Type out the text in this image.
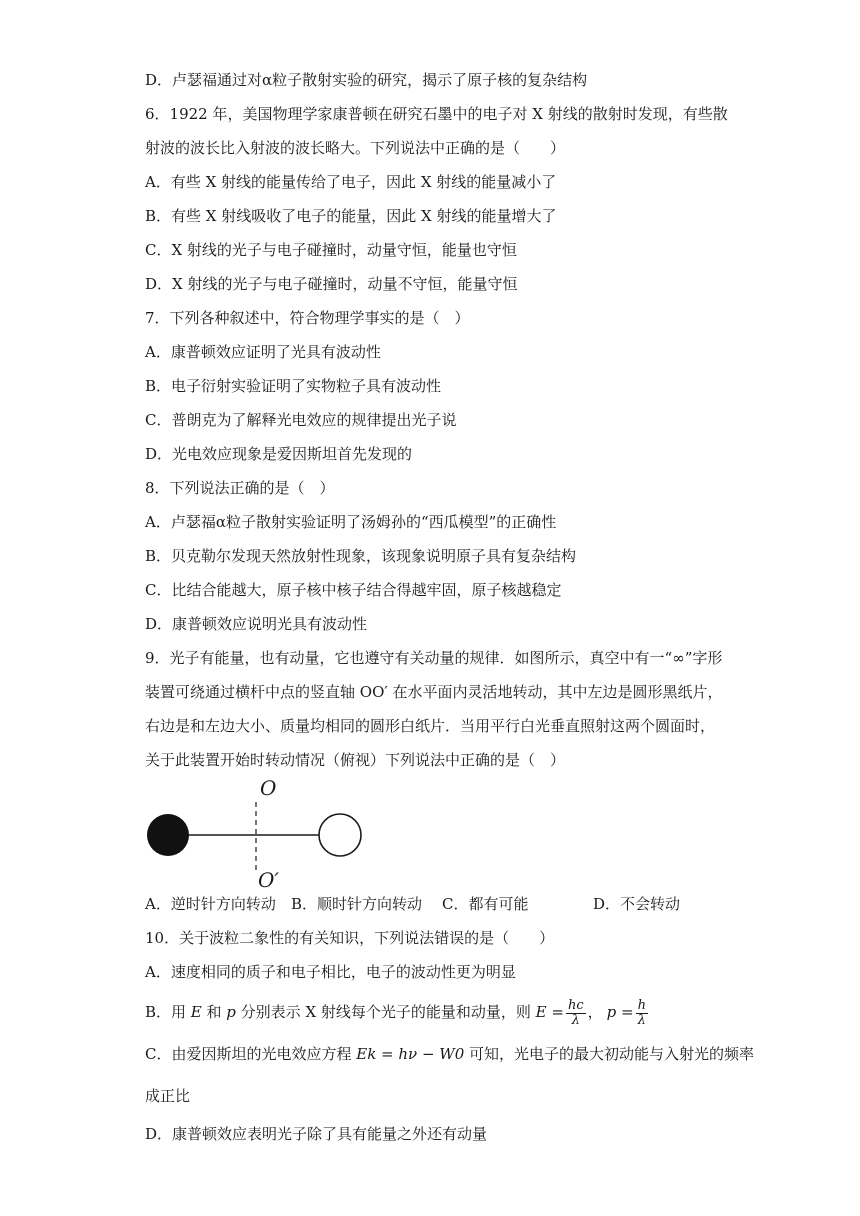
D．卢瑟福通过对α粒子散射实验的研究，揭示了原子核的复杂结构
6．1922 年，美国物理学家康普顿在研究石墨中的电子对 X 射线的散射时发现，有些散
射波的波长比入射波的波长略大。下列说法中正确的是（　　）
A．有些 X 射线的能量传给了电子，因此 X 射线的能量减小了
B．有些 X 射线吸收了电子的能量，因此 X 射线的能量增大了
C．X 射线的光子与电子碰撞时，动量守恒，能量也守恒
D．X 射线的光子与电子碰撞时，动量不守恒，能量守恒
7．下列各种叙述中，符合物理学事实的是（　）
A．康普顿效应证明了光具有波动性
B．电子衍射实验证明了实物粒子具有波动性
C．普朗克为了解释光电效应的规律提出光子说
D．光电效应现象是爱因斯坦首先发现的
8．下列说法正确的是（　）
A．卢瑟福α粒子散射实验证明了汤姆孙的“西瓜模型”的正确性
B．贝克勒尔发现天然放射性现象，该现象说明原子具有复杂结构
C．比结合能越大，原子核中核子结合得越牢固，原子核越稳定
D．康普顿效应说明光具有波动性
9．光子有能量，也有动量，它也遵守有关动量的规律．如图所示，真空中有一“∞”字形
装置可绕通过横杆中点的竖直轴 OO′ 在水平面内灵活地转动，其中左边是圆形黑纸片，
右边是和左边大小、质量均相同的圆形白纸片．当用平行白光垂直照射这两个圆面时，
关于此装置开始时转动情况（俯视）下列说法中正确的是（　）
O
O′
A．逆时针方向转动 B．顺时针方向转动 C．都有可能	D．不会转动
10．关于波粒二象性的有关知识，下列说法错误的是（　　）
A．速度相同的质子和电子相比，电子的波动性更为明显
B．用 E 和 p 分别表示 X 射线每个光子的能量和动量，则 $E = \frac{hc}{\lambda}$ ， $p = \frac{h}{\lambda}$
C．由爱因斯坦的光电效应方程 Ek = hν − W0 可知，光电子的最大初动能与入射光的频率
成正比
D．康普顿效应表明光子除了具有能量之外还有动量
